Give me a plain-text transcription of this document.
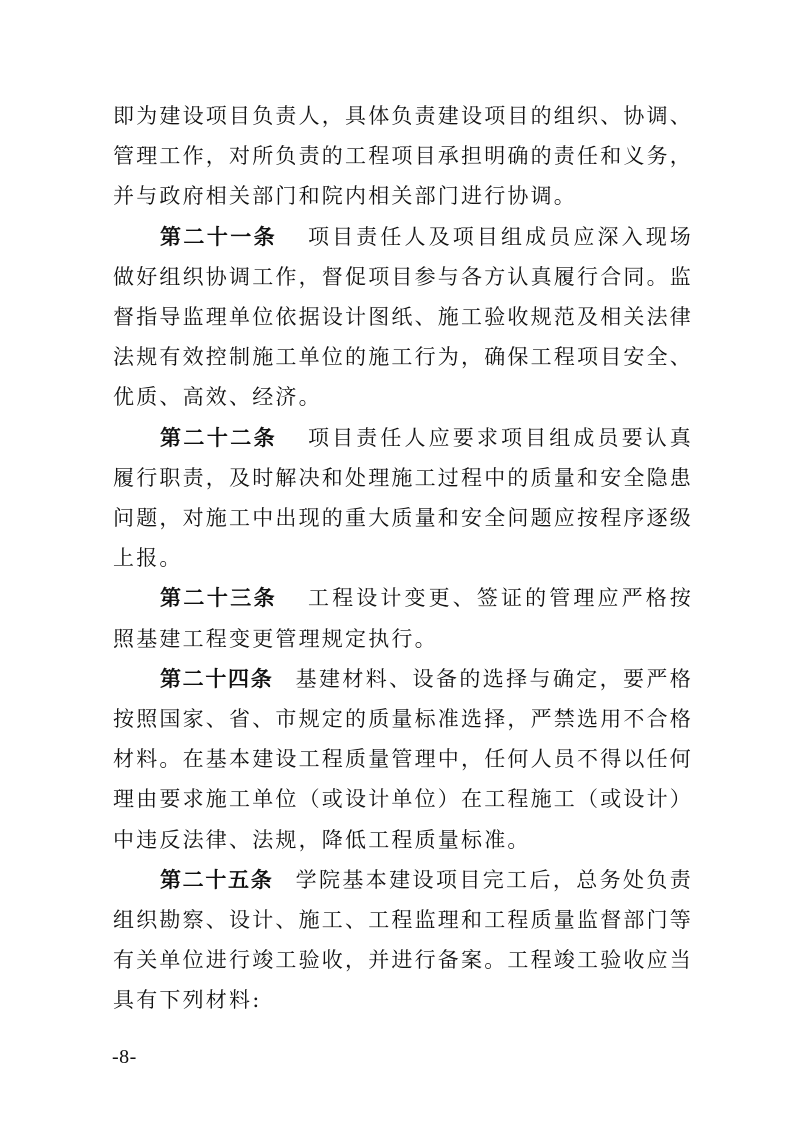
即为建设项目负责人，具体负责建设项目的组织、协调、管理工作，对所负责的工程项目承担明确的责任和义务，并与政府相关部门和院内相关部门进行协调。

第二十一条 项目责任人及项目组成员应深入现场做好组织协调工作，督促项目参与各方认真履行合同。监督指导监理单位依据设计图纸、施工验收规范及相关法律法规有效控制施工单位的施工行为，确保工程项目安全、优质、高效、经济。

第二十二条 项目责任人应要求项目组成员要认真履行职责，及时解决和处理施工过程中的质量和安全隐患问题，对施工中出现的重大质量和安全问题应按程序逐级上报。

第二十三条 工程设计变更、签证的管理应严格按照基建工程变更管理规定执行。

第二十四条 基建材料、设备的选择与确定，要严格按照国家、省、市规定的质量标准选择，严禁选用不合格材料。在基本建设工程质量管理中，任何人员不得以任何理由要求施工单位（或设计单位）在工程施工（或设计）中违反法律、法规，降低工程质量标准。

第二十五条 学院基本建设项目完工后，总务处负责组织勘察、设计、施工、工程监理和工程质量监督部门等有关单位进行竣工验收，并进行备案。工程竣工验收应当具有下列材料:

-8-
